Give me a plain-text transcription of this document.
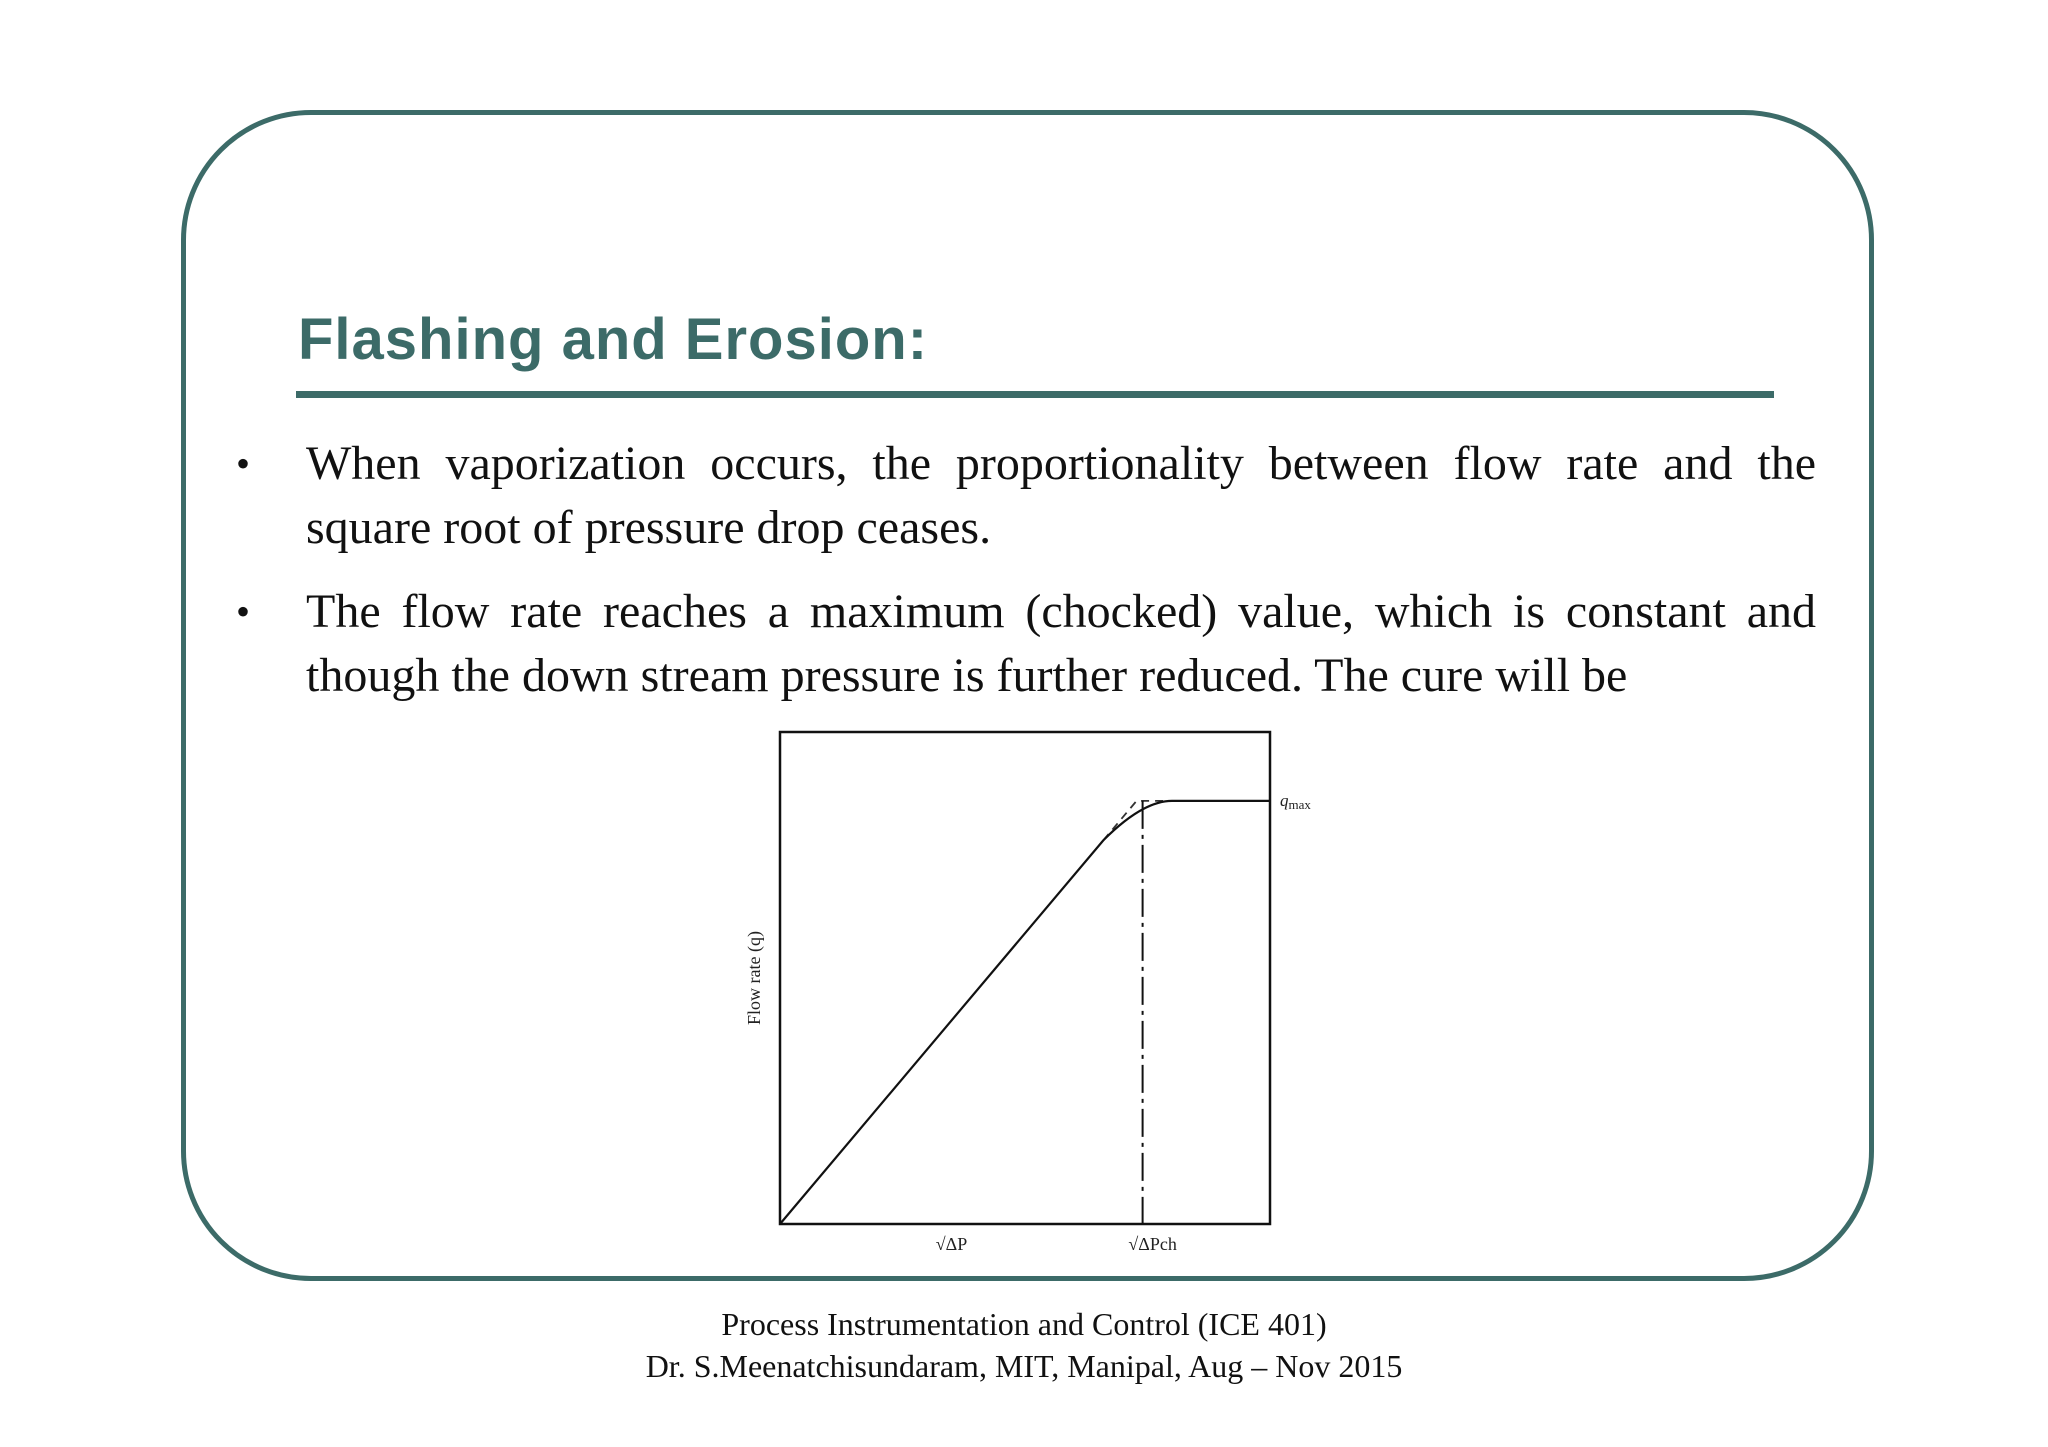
Flashing and Erosion:
•	When vaporization occurs, the proportionality between flow rate and the square root of pressure drop ceases.
•	The flow rate reaches a maximum (chocked) value, which is constant and though the down stream pressure is further reduced. The cure will be
qmax
Flow rate (q)
√ΔP	√ΔPch
Process Instrumentation and Control (ICE 401)
Dr. S.Meenatchisundaram, MIT, Manipal, Aug – Nov 2015
